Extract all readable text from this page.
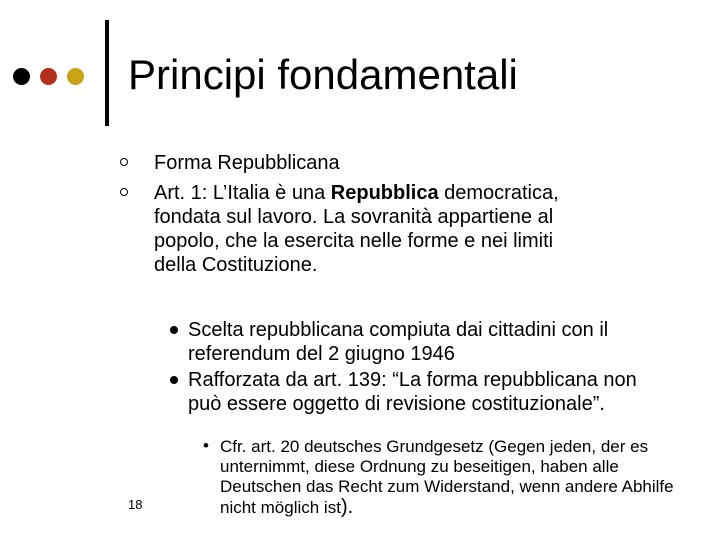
Principi fondamentali
Forma Repubblicana
Art. 1: L’Italia è una Repubblica democratica, fondata sul lavoro. La sovranità appartiene al popolo, che la esercita nelle forme e nei limiti della Costituzione.
Scelta repubblicana compiuta dai cittadini con il referendum del 2 giugno 1946
Rafforzata da art. 139: “La forma repubblicana non può essere oggetto di revisione costituzionale”.
• Cfr. art. 20 deutsches Grundgesetz (Gegen jeden, der es unternimmt, diese Ordnung zu beseitigen, haben alle Deutschen das Recht zum Widerstand, wenn andere Abhilfe nicht möglich ist).
18
